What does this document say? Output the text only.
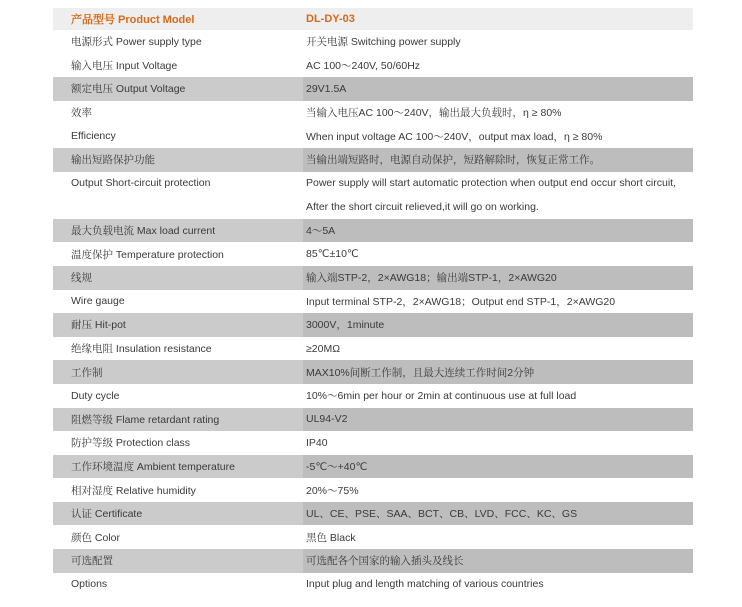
产品型号 Product Model	DL-DY-03
电源形式 Power supply type	开关电源 Switching power supply
输入电压 Input Voltage	AC 100～240V, 50/60Hz
额定电压 Output Voltage	29V1.5A
效率	当输入电压AC 100～240V，输出最大负载时，η ≥ 80%
Efficiency	When input voltage AC 100～240V，output max load，η ≥ 80%
输出短路保护功能	当输出端短路时，电源自动保护，短路解除时，恢复正常工作。
Output Short-circuit protection	Power supply will start automatic protection when output end occur short circuit,
After the short circuit relieved,it will go on working.
最大负载电流 Max load current	4～5A
温度保护 Temperature protection	85℃±10℃
线规	输入端STP-2，2×AWG18；输出端STP-1，2×AWG20
Wire gauge	Input terminal STP-2，2×AWG18；Output end STP-1，2×AWG20
耐压 Hit-pot	3000V，1minute
绝缘电阻 Insulation resistance	≥20MΩ
工作制	MAX10%间断工作制，且最大连续工作时间2分钟
Duty cycle	10%～6min per hour or 2min at continuous use at full load
阻燃等级 Flame retardant rating	UL94-V2
防护等级 Protection class	IP40
工作环境温度 Ambient temperature	-5℃～+40℃
相对湿度 Relative humidity	20%～75%
认证 Certificate	UL、CE、PSE、SAA、BCT、CB、LVD、FCC、KC、GS
颜色 Color	黑色 Black
可选配置	可选配各个国家的输入插头及线长
Options	Input plug and length matching of various countries
